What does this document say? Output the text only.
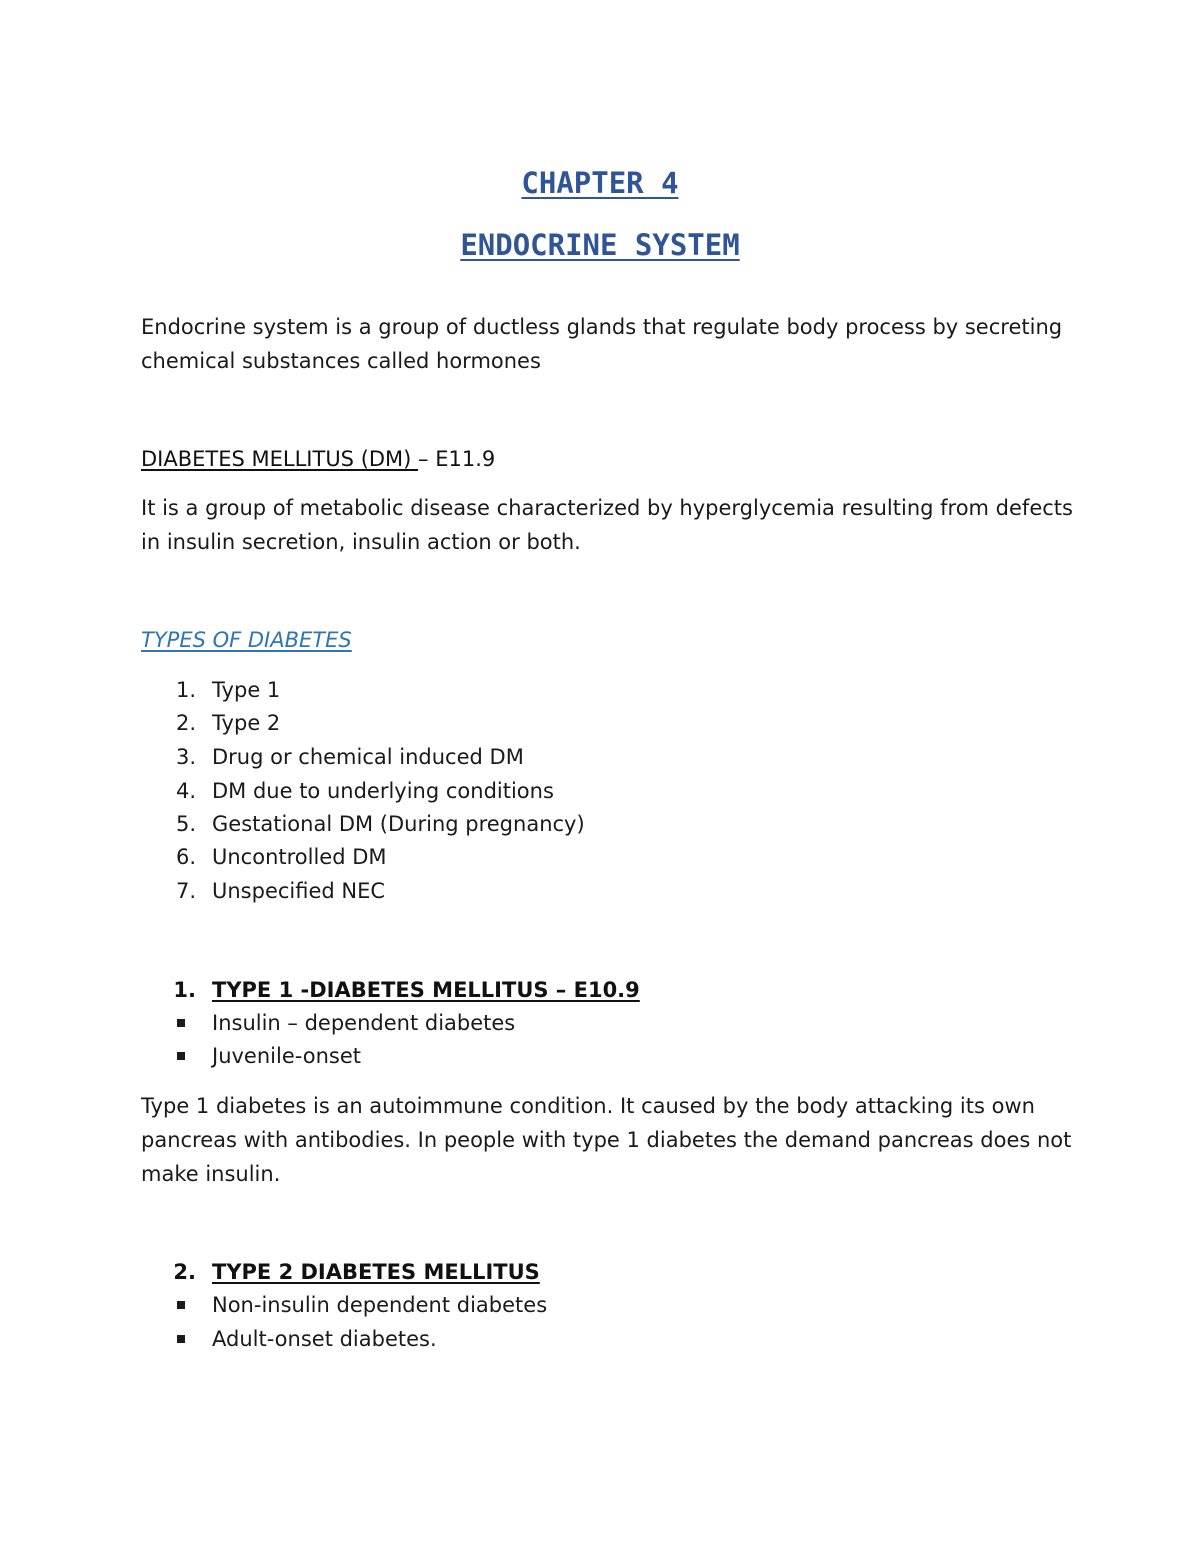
CHAPTER 4
ENDOCRINE SYSTEM

Endocrine system is a group of ductless glands that regulate body process by secreting

chemical substances called hormones

DIABETES MELLITUS (DM) – E11.9

It is a group of metabolic disease characterized by hyperglycemia resulting from defects

in insulin secretion, insulin action or both.

TYPES OF DIABETES

1. Type 1
2. Type 2
3. Drug or chemical induced DM
4. DM due to underlying conditions
5. Gestational DM (During pregnancy)
6. Uncontrolled DM
7. Unspecified NEC
1. TYPE 1 -DIABETES MELLITUS – E10.9
Insulin – dependent diabetes
Juvenile-onset

Type 1 diabetes is an autoimmune condition. It caused by the body attacking its own

pancreas with antibodies. In people with type 1 diabetes the demand pancreas does not

make insulin.

2. TYPE 2 DIABETES MELLITUS
Non-insulin dependent diabetes
Adult-onset diabetes.
